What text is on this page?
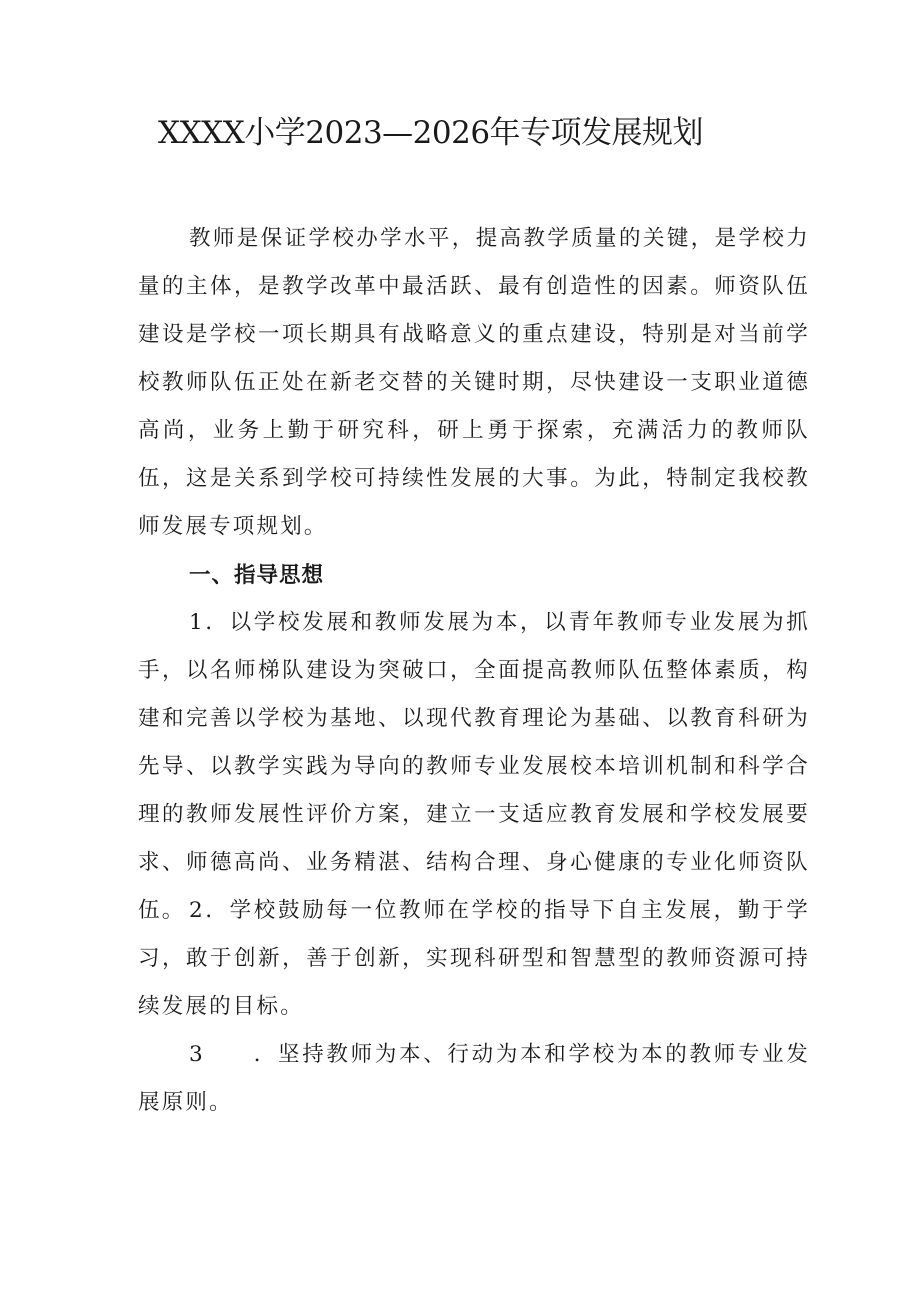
XXXX小学2023—2026年专项发展规划

教师是保证学校办学水平，提高教学质量的关键，是学校力量的主体，是教学改革中最活跃、最有创造性的因素。师资队伍建设是学校一项长期具有战略意义的重点建设，特别是对当前学校教师队伍正处在新老交替的关键时期，尽快建设一支职业道德高尚，业务上勤于研究科，研上勇于探索，充满活力的教师队伍，这是关系到学校可持续性发展的大事。为此，特制定我校教师发展专项规划。

一、指导思想

1．以学校发展和教师发展为本，以青年教师专业发展为抓手，以名师梯队建设为突破口，全面提高教师队伍整体素质，构建和完善以学校为基地、以现代教育理论为基础、以教育科研为先导、以教学实践为导向的教师专业发展校本培训机制和科学合理的教师发展性评价方案，建立一支适应教育发展和学校发展要求、师德高尚、业务精湛、结构合理、身心健康的专业化师资队伍。 2．学校鼓励每一位教师在学校的指导下自主发展，勤于学习，敢于创新，善于创新，实现科研型和智慧型的教师资源可持续发展的目标。

3　　．坚持教师为本、行动为本和学校为本的教师专业发展原则。
